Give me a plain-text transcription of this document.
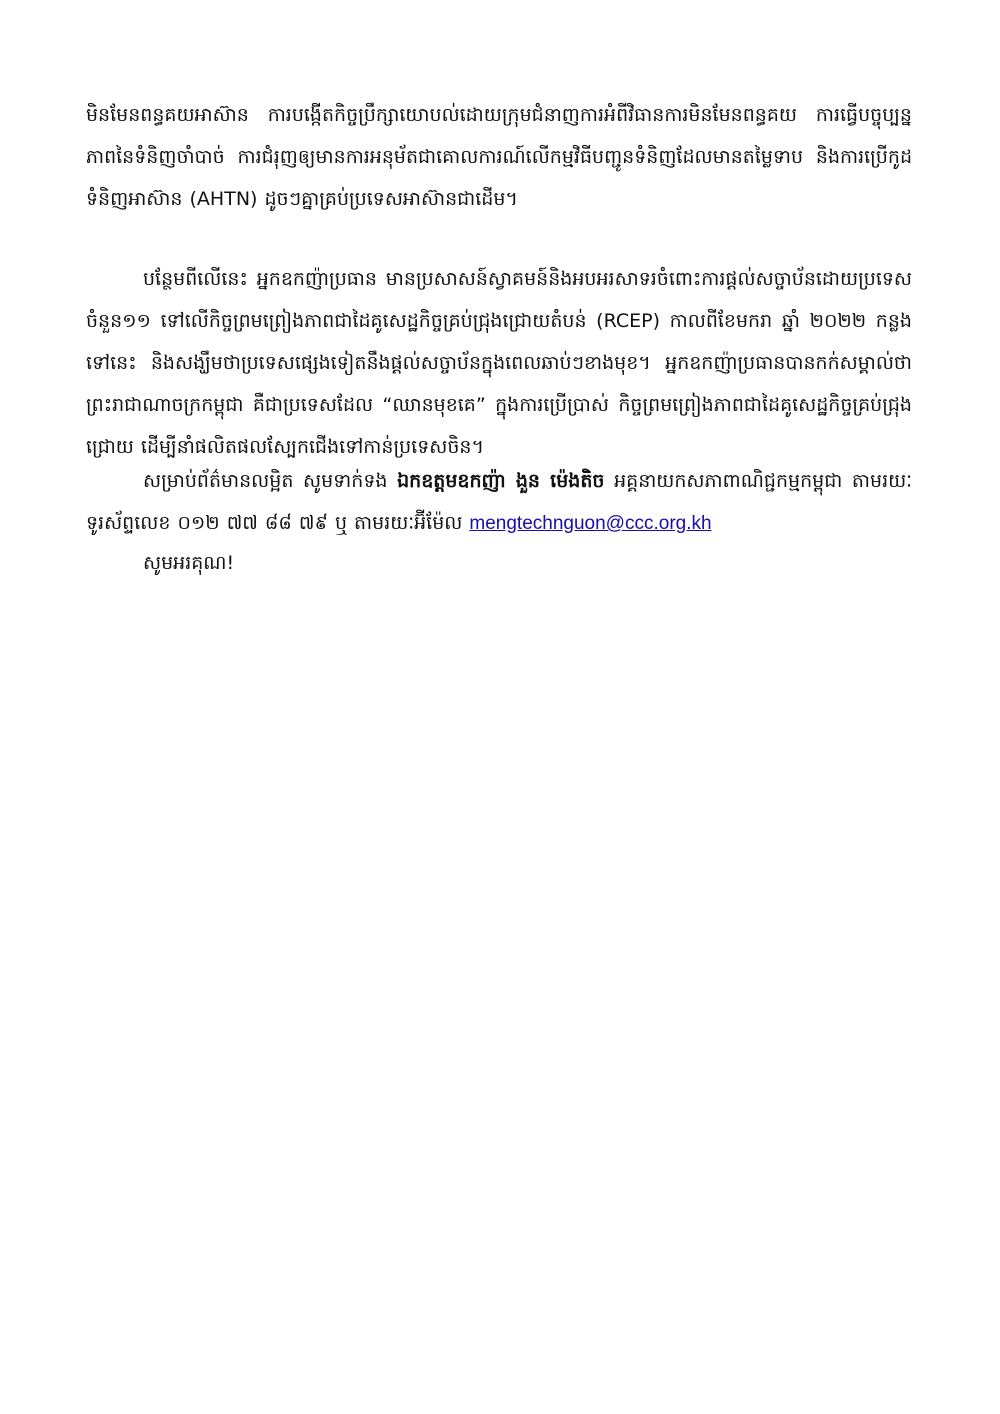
មិនមែនពន្ធគយអាស៊ាន ការបង្កើតកិច្ចប្រឹក្សាយោបល់ដោយក្រុមជំនាញការអំពីវិធានការមិនមែនពន្ធគយ ការធ្វើបច្ចុប្បន្នភាពនៃទំនិញចាំបាច់ ការជំរុញឲ្យមានការអនុម័តជាគោលការណ៍លើកម្មវិធីបញ្ជូនទំនិញដែលមានតម្លៃទាប និងការប្រើកូដទំនិញអាស៊ាន (AHTN) ដូចៗគ្នាគ្រប់ប្រទេសអាស៊ានជាដើម។

បន្ថែមពីលើនេះ អ្នកឧកញ៉ាប្រធាន មានប្រសាសន៍ស្វាគមន៍និងអបអរសាទរចំពោះការផ្តល់សច្ចាប័នដោយប្រទេសចំនួន១១ ទៅលើកិច្ចព្រមព្រៀងភាពជាដៃគូសេដ្ឋកិច្ចគ្រប់ជ្រុងជ្រោយតំបន់ (RCEP) កាលពីខែមករា ឆ្នាំ ២០២២ កន្លងទៅនេះ និងសង្ឃឹមថាប្រទេសផ្សេងទៀតនឹងផ្តល់សច្ចាប័នក្នុងពេលឆាប់ៗខាងមុខ។ អ្នកឧកញ៉ាប្រធានបានកក់សម្គាល់ថា ព្រះរាជាណាចក្រកម្ពុជា គឺជាប្រទេសដែល “ឈានមុខគេ” ក្នុងការប្រើប្រាស់ កិច្ចព្រមព្រៀងភាពជាដៃគូសេដ្ឋកិច្ចគ្រប់ជ្រុងជ្រោយ ដើម្បីនាំផលិតផលស្បែកជើងទៅកាន់ប្រទេសចិន។

សម្រាប់ព័ត៌មានលម្អិត សូមទាក់ទង ឯកឧត្តមឧកញ៉ា ងួន ម៉េងតិច អគ្គនាយកសភាពាណិជ្ជកម្មកម្ពុជា តាមរយៈទូរស័ព្ទលេខ ០១២ ៧៧ ៨៨ ៧៩ ឬ តាមរយៈអ៊ីម៉ែល mengtechnguon@ccc.org.kh

សូមអរគុណ!
